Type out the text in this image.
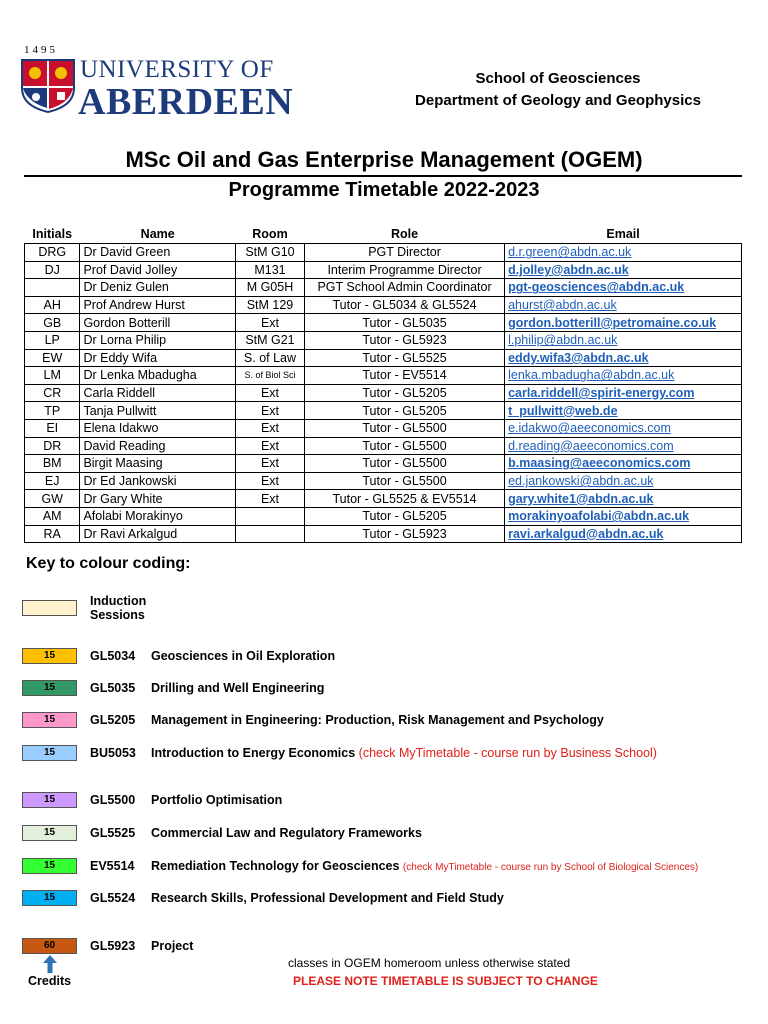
1495
UNIVERSITY OF
ABERDEEN
School of Geosciences
Department of Geology and Geophysics
MSc Oil and Gas Enterprise Management (OGEM)
Programme Timetable 2022-2023
Initials	Name	Room	Role	Email
DRG	Dr David Green	StM G10	PGT Director	d.r.green@abdn.ac.uk
DJ	Prof David Jolley	M131	Interim Programme Director	d.jolley@abdn.ac.uk
	Dr Deniz Gulen	M G05H	PGT School Admin Coordinator	pgt-geosciences@abdn.ac.uk
AH	Prof Andrew Hurst	StM 129	Tutor - GL5034 & GL5524	ahurst@abdn.ac.uk
GB	Gordon Botterill	Ext	Tutor - GL5035	gordon.botterill@petromaine.co.uk
LP	Dr Lorna Philip	StM G21	Tutor - GL5923	l.philip@abdn.ac.uk
EW	Dr Eddy Wifa	S. of Law	Tutor - GL5525	eddy.wifa3@abdn.ac.uk
LM	Dr Lenka Mbadugha	S. of Biol Sci	Tutor - EV5514	lenka.mbadugha@abdn.ac.uk
CR	Carla Riddell	Ext	Tutor - GL5205	carla.riddell@spirit-energy.com
TP	Tanja Pullwitt	Ext	Tutor - GL5205	t_pullwitt@web.de
EI	Elena Idakwo	Ext	Tutor - GL5500	e.idakwo@aeeconomics.com
DR	David Reading	Ext	Tutor - GL5500	d.reading@aeeconomics.com
BM	Birgit Maasing	Ext	Tutor - GL5500	b.maasing@aeeconomics.com
EJ	Dr Ed Jankowski	Ext	Tutor - GL5500	ed.jankowski@abdn.ac.uk
GW	Dr Gary White	Ext	Tutor - GL5525 & EV5514	gary.white1@abdn.ac.uk
AM	Afolabi Morakinyo		Tutor - GL5205	morakinyoafolabi@abdn.ac.uk
RA	Dr Ravi Arkalgud		Tutor - GL5923	ravi.arkalgud@abdn.ac.uk
Key to colour coding:
Induction Sessions
15	GL5034 Geosciences in Oil Exploration
15	GL5035 Drilling and Well Engineering
15	GL5205 Management in Engineering: Production, Risk Management and Psychology
15	BU5053 Introduction to Energy Economics (check MyTimetable - course run by Business School)
15	GL5500 Portfolio Optimisation
15	GL5525 Commercial Law and Regulatory Frameworks
15	EV5514 Remediation Technology for Geosciences (check MyTimetable - course run by School of Biological Sciences)
15	GL5524 Research Skills, Professional Development and Field Study
60	GL5923 Project
Credits
classes in OGEM homeroom unless otherwise stated
PLEASE NOTE TIMETABLE IS SUBJECT TO CHANGE
